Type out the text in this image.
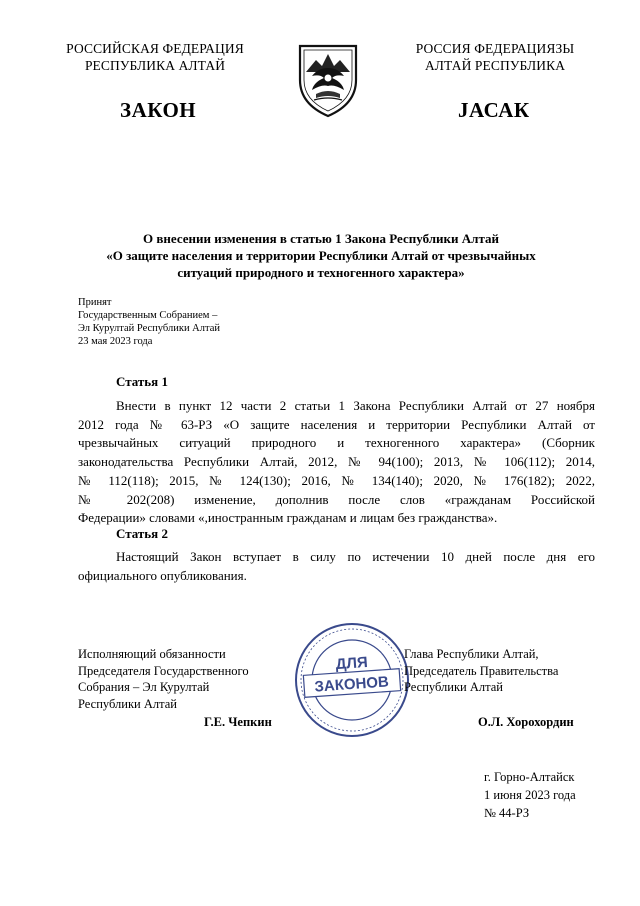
РОССИЙСКАЯ ФЕДЕРАЦИЯ
РЕСПУБЛИКА АЛТАЙ
РОССИЯ ФЕДЕРАЦИЯЗЫ
АЛТАЙ РЕСПУБЛИКА
ЗАКОН	ЈАСАК
О внесении изменения в статью 1 Закона Республики Алтай
«О защите населения и территории Республики Алтай от чрезвычайных
ситуаций природного и техногенного характера»
Принят
Государственным Собранием –
Эл Курултай Республики Алтай
23 мая 2023 года
Статья 1
Внести в пункт 12 части 2 статьи 1 Закона Республики Алтай от 27 ноября
2012 года № 63-РЗ «О защите населения и территории Республики Алтай от
чрезвычайных ситуаций природного и техногенного характера» (Сборник
законодательства Республики Алтай, 2012, № 94(100); 2013, № 106(112); 2014,
№ 112(118); 2015, № 124(130); 2016, № 134(140); 2020, № 176(182); 2022,
№ 202(208) изменение, дополнив после слов «гражданам Российской
Федерации» словами «,иностранным гражданам и лицам без гражданства».
Статья 2
Настоящий Закон вступает в силу по истечении 10 дней после дня его
официального опубликования.
ДЛЯ
ЗАКОНОВ
Исполняющий обязанности
Председателя Государственного
Собрания – Эл Курултай
Республики Алтай
Г.Е. Чепкин
Глава Республики Алтай,
Председатель Правительства
Республики Алтай
О.Л. Хорохордин
г. Горно-Алтайск
1 июня 2023 года
№ 44-РЗ
